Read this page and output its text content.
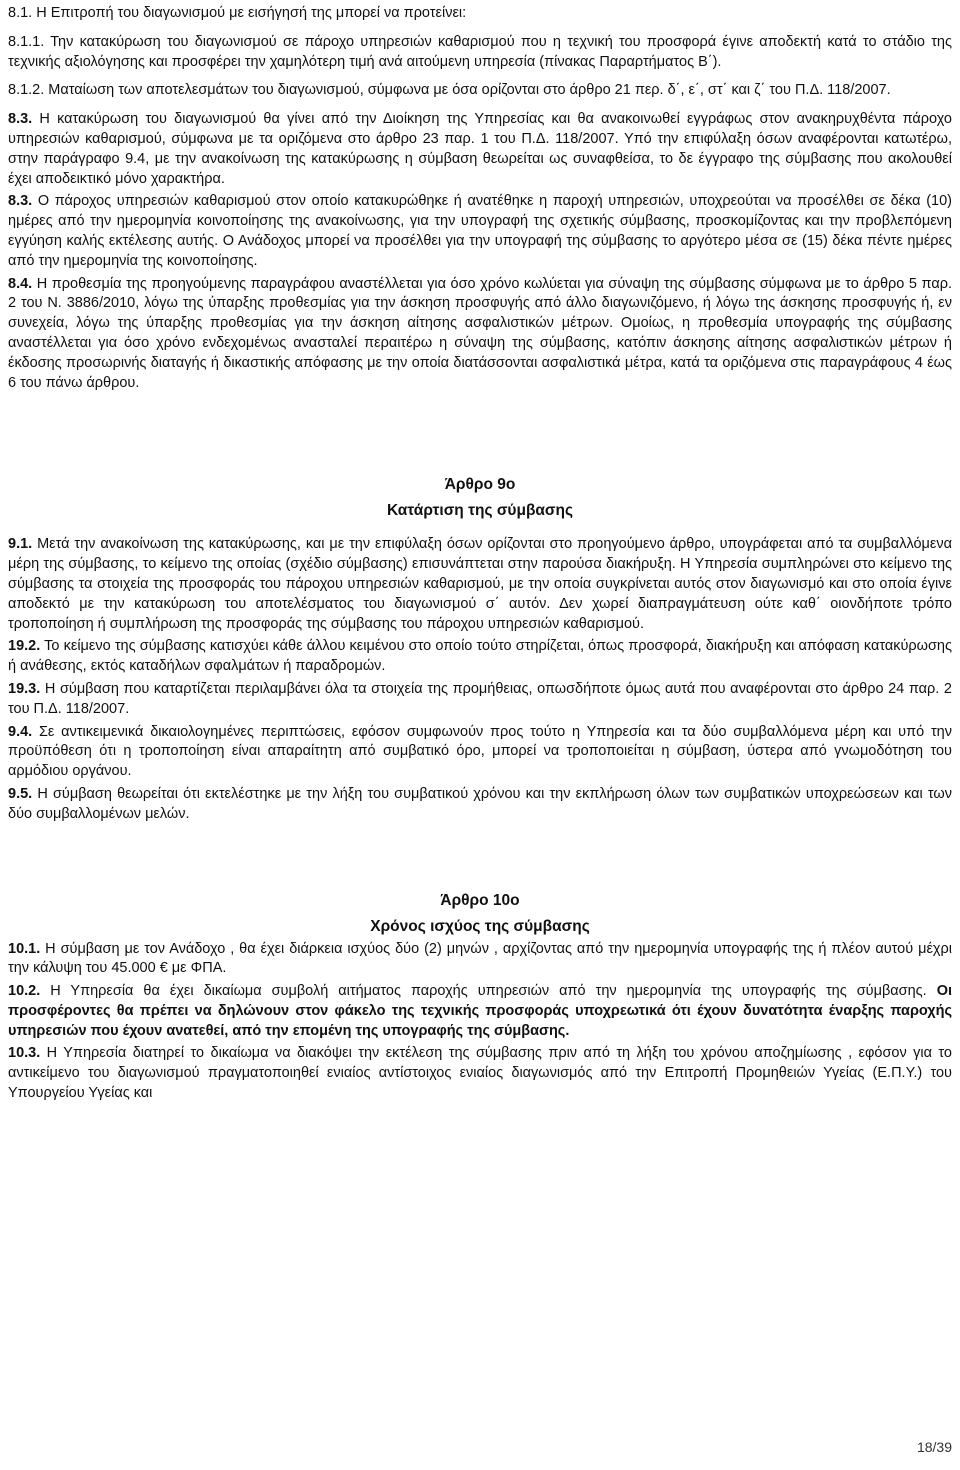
8.1. Η Επιτροπή του διαγωνισμού με εισήγησή της μπορεί να προτείνει:

8.1.1. Την κατακύρωση του διαγωνισμού σε πάροχο υπηρεσιών καθαρισμού που η τεχνική του προσφορά έγινε αποδεκτή κατά το στάδιο της τεχνικής αξιολόγησης και προσφέρει την χαμηλότερη τιμή ανά αιτούμενη υπηρεσία (πίνακας Παραρτήματος Β΄).

8.1.2. Ματαίωση των αποτελεσμάτων του διαγωνισμού, σύμφωνα με όσα ορίζονται στο άρθρο 21 περ. δ΄, ε΄, στ΄ και ζ΄ του Π.Δ. 118/2007.

8.3. Η κατακύρωση του διαγωνισμού θα γίνει από την Διοίκηση της Υπηρεσίας και θα ανακοινωθεί εγγράφως στον ανακηρυχθέντα πάροχο υπηρεσιών καθαρισμού, σύμφωνα με τα οριζόμενα στο άρθρο 23 παρ. 1 του Π.Δ. 118/2007. Υπό την επιφύλαξη όσων αναφέρονται κατωτέρω, στην παράγραφο 9.4, με την ανακοίνωση της κατακύρωσης η σύμβαση θεωρείται ως συναφθείσα, το δε έγγραφο της σύμβασης που ακολουθεί έχει αποδεικτικό μόνο χαρακτήρα.

8.3. Ο πάροχος υπηρεσιών καθαρισμού στον οποίο κατακυρώθηκε ή ανατέθηκε η παροχή υπηρεσιών, υποχρεούται να προσέλθει σε δέκα (10) ημέρες από την ημερομηνία κοινοποίησης της ανακοίνωσης, για την υπογραφή της σχετικής σύμβασης, προσκομίζοντας και την προβλεπόμενη εγγύηση καλής εκτέλεσης αυτής. Ο Ανάδοχος μπορεί να προσέλθει για την υπογραφή της σύμβασης το αργότερο μέσα σε (15) δέκα πέντε ημέρες από την ημερομηνία της κοινοποίησης.

8.4. Η προθεσμία της προηγούμενης παραγράφου αναστέλλεται για όσο χρόνο κωλύεται για σύναψη της σύμβασης σύμφωνα με το άρθρο 5 παρ. 2 του Ν. 3886/2010, λόγω της ύπαρξης προθεσμίας για την άσκηση προσφυγής από άλλο διαγωνιζόμενο, ή λόγω της άσκησης προσφυγής ή, εν συνεχεία, λόγω της ύπαρξης προθεσμίας για την άσκηση αίτησης ασφαλιστικών μέτρων. Ομοίως, η προθεσμία υπογραφής της σύμβασης αναστέλλεται για όσο χρόνο ενδεχομένως ανασταλεί περαιτέρω η σύναψη της σύμβασης, κατόπιν άσκησης αίτησης ασφαλιστικών μέτρων ή έκδοσης προσωρινής διαταγής ή δικαστικής απόφασης με την οποία διατάσσονται ασφαλιστικά μέτρα, κατά τα οριζόμενα στις παραγράφους 4 έως 6 του πάνω άρθρου.

Άρθρο 9ο

Κατάρτιση της σύμβασης

9.1. Μετά την ανακοίνωση της κατακύρωσης, και με την επιφύλαξη όσων ορίζονται στο προηγούμενο άρθρο, υπογράφεται από τα συμβαλλόμενα μέρη της σύμβασης, το κείμενο της οποίας (σχέδιο σύμβασης) επισυνάπτεται στην παρούσα διακήρυξη. Η Υπηρεσία συμπληρώνει στο κείμενο της σύμβασης τα στοιχεία της προσφοράς του πάροχου υπηρεσιών καθαρισμού, με την οποία συγκρίνεται αυτός στον διαγωνισμό και στο οποία έγινε αποδεκτό με την κατακύρωση του αποτελέσματος του διαγωνισμού σ΄ αυτόν. Δεν χωρεί διαπραγμάτευση ούτε καθ΄ οιονδήποτε τρόπο τροποποίηση ή συμπλήρωση της προσφοράς της σύμβασης του πάροχου υπηρεσιών καθαρισμού.

19.2. Το κείμενο της σύμβασης κατισχύει κάθε άλλου κειμένου στο οποίο τούτο στηρίζεται, όπως προσφορά, διακήρυξη και απόφαση κατακύρωσης ή ανάθεσης, εκτός καταδήλων σφαλμάτων ή παραδρομών.

19.3. Η σύμβαση που καταρτίζεται περιλαμβάνει όλα τα στοιχεία της προμήθειας, οπωσδήποτε όμως αυτά που αναφέρονται στο άρθρο 24 παρ. 2 του Π.Δ. 118/2007.

9.4. Σε αντικειμενικά δικαιολογημένες περιπτώσεις, εφόσον συμφωνούν προς τούτο η Υπηρεσία και τα δύο συμβαλλόμενα μέρη και υπό την προϋπόθεση ότι η τροποποίηση είναι απαραίτητη από συμβατικό όρο, μπορεί να τροποποιείται η σύμβαση, ύστερα από γνωμοδότηση του αρμόδιου οργάνου.

9.5. Η σύμβαση θεωρείται ότι εκτελέστηκε με την λήξη του συμβατικού χρόνου και την εκπλήρωση όλων των συμβατικών υποχρεώσεων και των δύο συμβαλλομένων μελών.

Άρθρο 10ο

Χρόνος ισχύος της σύμβασης

10.1. Η σύμβαση με τον Ανάδοχο , θα έχει διάρκεια ισχύος δύο (2) μηνών , αρχίζοντας από την ημερομηνία υπογραφής της ή πλέον αυτού μέχρι την κάλυψη του 45.000 € με ΦΠΑ.

10.2. Η Υπηρεσία θα έχει δικαίωμα συμβολή αιτήματος παροχής υπηρεσιών από την ημερομηνία της υπογραφής της σύμβασης. Οι προσφέροντες θα πρέπει να δηλώνουν στον φάκελο της τεχνικής προσφοράς υποχρεωτικά ότι έχουν δυνατότητα έναρξης παροχής υπηρεσιών που έχουν ανατεθεί, από την επομένη της υπογραφής της σύμβασης.

10.3. Η Υπηρεσία διατηρεί το δικαίωμα να διακόψει την εκτέλεση της σύμβασης πριν από τη λήξη του χρόνου αποζημίωσης , εφόσον για το αντικείμενο του διαγωνισμού πραγματοποιηθεί ενιαίος αντίστοιχος ενιαίος διαγωνισμός από την Επιτροπή Προμηθειών Υγείας (Ε.Π.Υ.) του Υπουργείου Υγείας και

18/39
